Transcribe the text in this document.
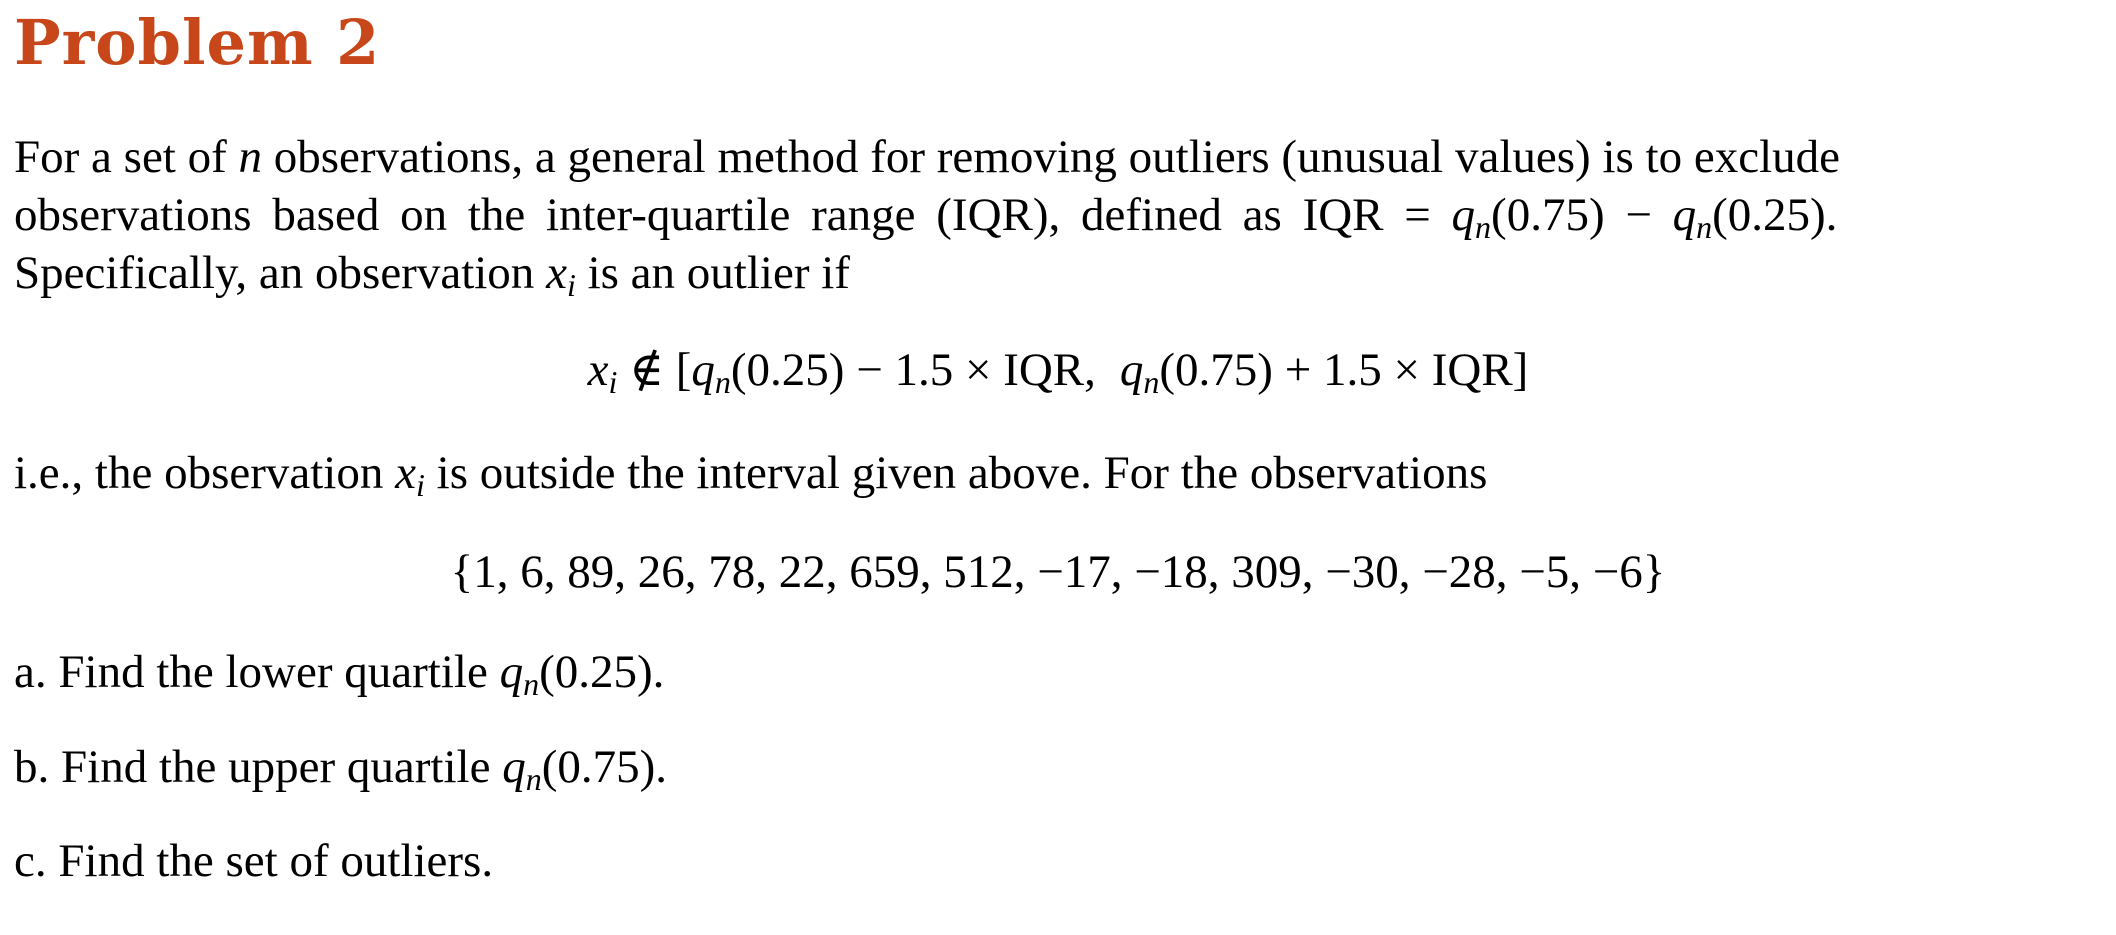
Problem 2
For a set of n observations, a general method for removing outliers (unusual values) is to exclude
observations based on the inter-quartile range (IQR), defined as IQR = $q_n(0.75) - q_n(0.25)$.
Specifically, an observation $x_i$ is an outlier if
$x_i$ ∉ [$q_n(0.25) - 1.5$ × IQR, $q_n(0.75) + 1.5 \times IQR$]
i.e., the observation $x_i$ is outside the interval given above. For the observations
{1, 6, 89, 26, 78, 22, 659, 512, −17, −18, 309, −30, −28, −5, −6}
a. Find the lower quartile $q_n(0.25)$.
b. Find the upper quartile $q_n(0.75)$.
c. Find the set of outliers.
